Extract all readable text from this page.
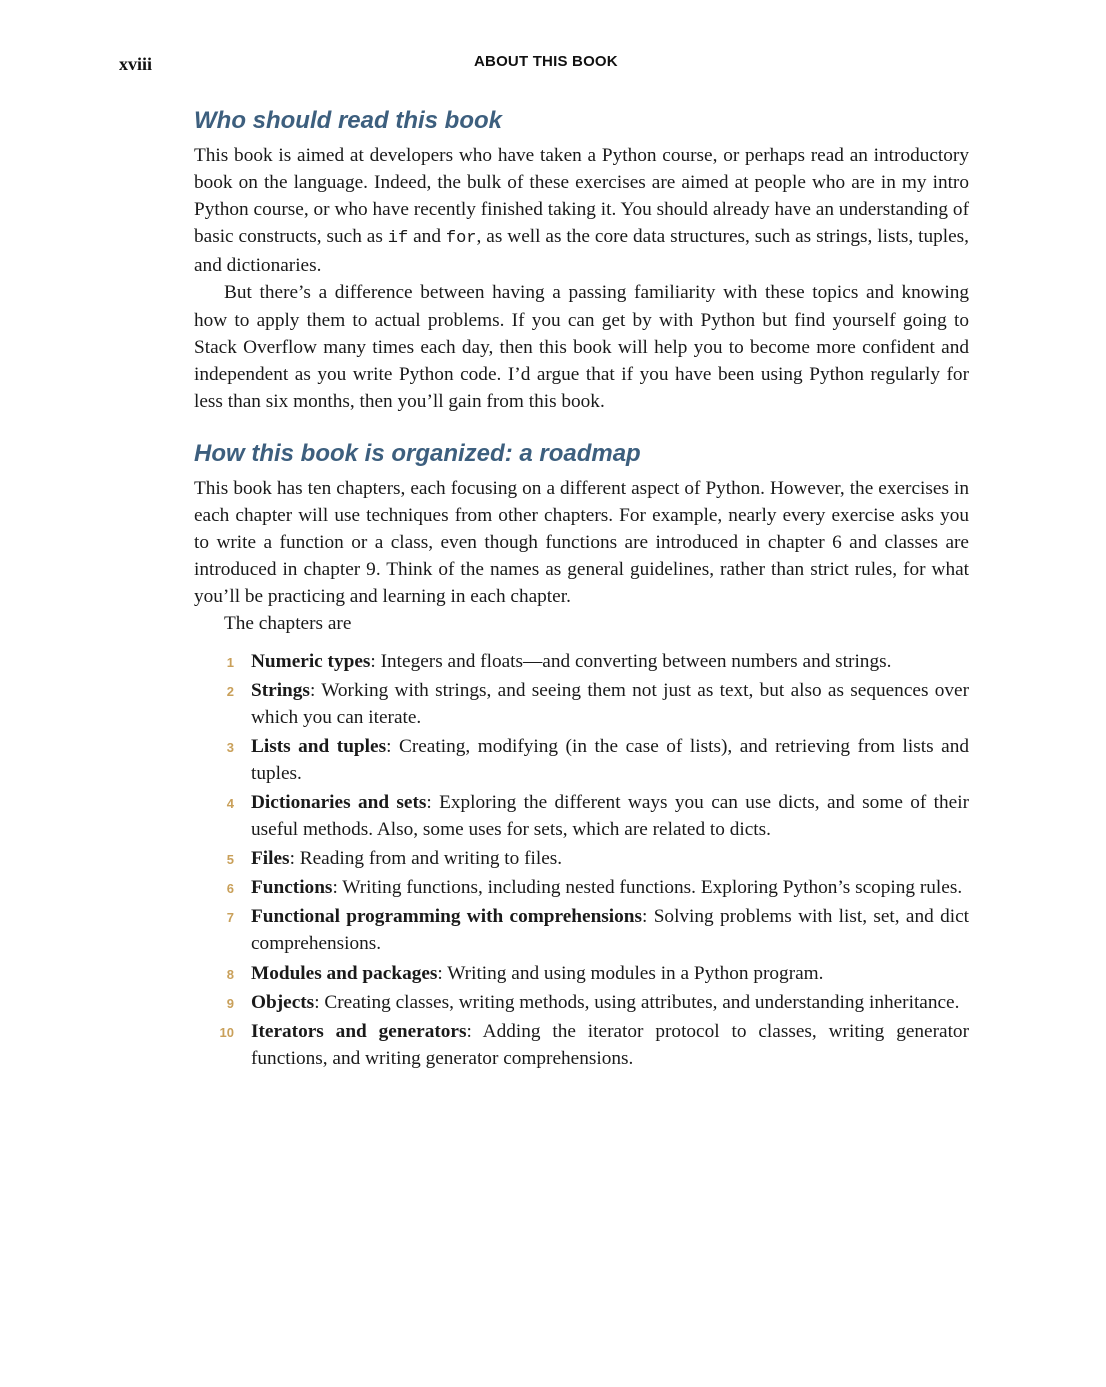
xviii	ABOUT THIS BOOK
Who should read this book

This book is aimed at developers who have taken a Python course, or perhaps read an introductory book on the language. Indeed, the bulk of these exercises are aimed at people who are in my intro Python course, or who have recently finished taking it. You should already have an understanding of basic constructs, such as if and for, as well as the core data structures, such as strings, lists, tuples, and dictionaries.

But there’s a difference between having a passing familiarity with these topics and knowing how to apply them to actual problems. If you can get by with Python but find yourself going to Stack Overflow many times each day, then this book will help you to become more confident and independent as you write Python code. I’d argue that if you have been using Python regularly for less than six months, then you’ll gain from this book.

How this book is organized: a roadmap

This book has ten chapters, each focusing on a different aspect of Python. However, the exercises in each chapter will use techniques from other chapters. For example, nearly every exercise asks you to write a function or a class, even though functions are introduced in chapter 6 and classes are introduced in chapter 9. Think of the names as general guidelines, rather than strict rules, for what you’ll be practicing and learning in each chapter.

The chapters are

1 Numeric types: Integers and floats—and converting between numbers and strings.
2 Strings: Working with strings, and seeing them not just as text, but also as sequences over which you can iterate.
3 Lists and tuples: Creating, modifying (in the case of lists), and retrieving from lists and tuples.
4 Dictionaries and sets: Exploring the different ways you can use dicts, and some of their useful methods. Also, some uses for sets, which are related to dicts.
5 Files: Reading from and writing to files.
6 Functions: Writing functions, including nested functions. Exploring Python’s scoping rules.
7 Functional programming with comprehensions: Solving problems with list, set, and dict comprehensions.
8 Modules and packages: Writing and using modules in a Python program.
9 Objects: Creating classes, writing methods, using attributes, and understanding inheritance.
10 Iterators and generators: Adding the iterator protocol to classes, writing generator functions, and writing generator comprehensions.
